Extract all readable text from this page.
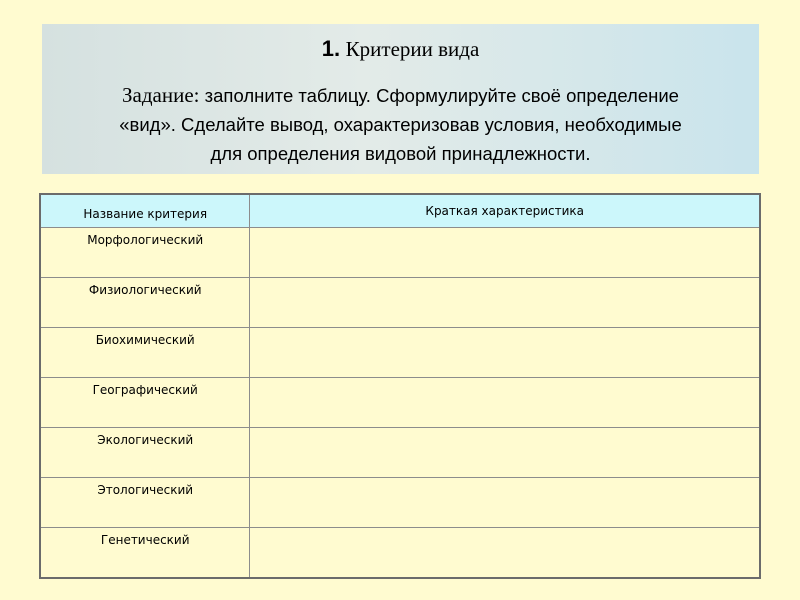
1. Критерии вида
Задание: заполните таблицу. Сформулируйте своё определение
«вид». Сделайте вывод, охарактеризовав условия, необходимые
для определения видовой принадлежности.
Название критерия	Краткая характеристика
Морфологический	
Физиологический	
Биохимический	
Географический	
Экологический	
Этологический	
Генетический	
